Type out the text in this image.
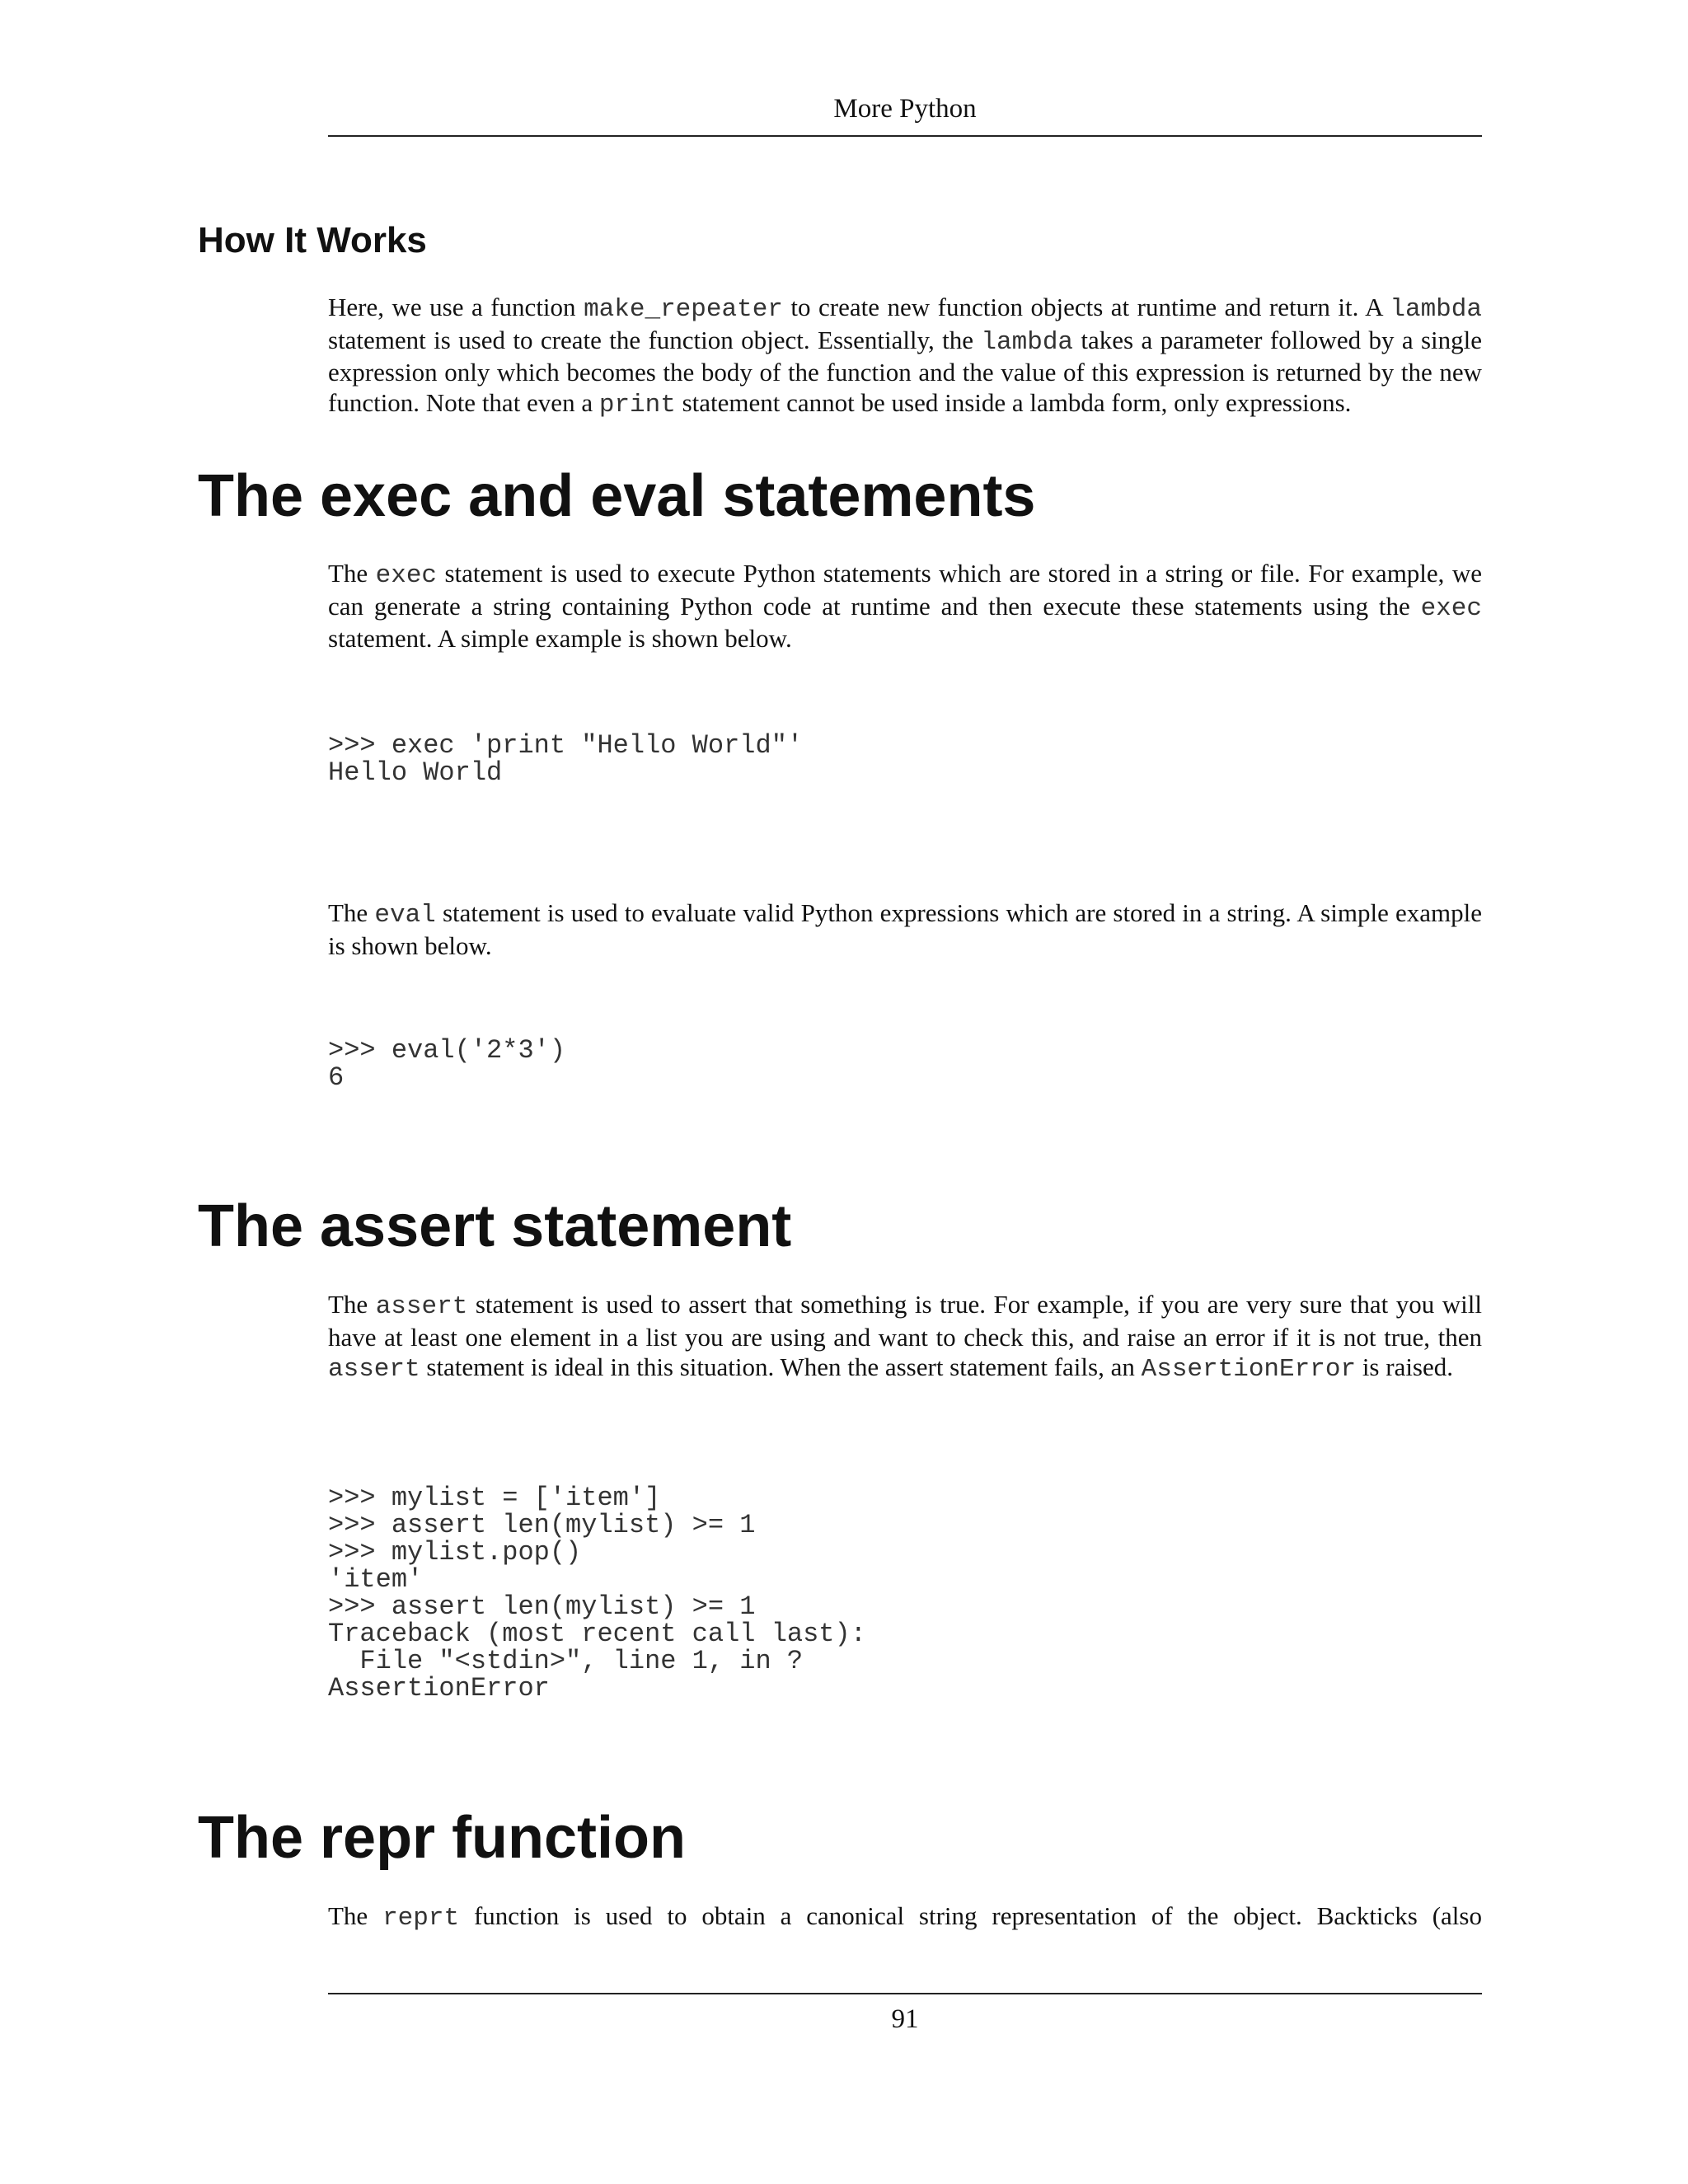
More Python
How It Works

Here, we use a function make_repeater to create new function objects at runtime and return it. A lambda statement is used to create the function object. Essentially, the lambda takes a parameter followed by a single expression only which becomes the body of the function and the value of this expression is returned by the new function. Note that even a print statement cannot be used inside a lambda form, only expressions.

The exec and eval statements

The exec statement is used to execute Python statements which are stored in a string or file. For example, we can generate a string containing Python code at runtime and then execute these statements using the exec statement. A simple example is shown below.

>>> exec 'print "Hello World"'
Hello World

The eval statement is used to evaluate valid Python expressions which are stored in a string. A simple example is shown below.

>>> eval('2*3')
6
The assert statement

The assert statement is used to assert that something is true. For example, if you are very sure that you will have at least one element in a list you are using and want to check this, and raise an error if it is not true, then assert statement is ideal in this situation. When the assert statement fails, an AssertionError is raised.

>>> mylist = ['item']
>>> assert len(mylist) >= 1
>>> mylist.pop()
'item'
>>> assert len(mylist) >= 1
Traceback (most recent call last):
File "<stdin>", line 1, in ?
AssertionError
The repr function

The reprt function is used to obtain a canonical string representation of the object. Backticks (also

91
